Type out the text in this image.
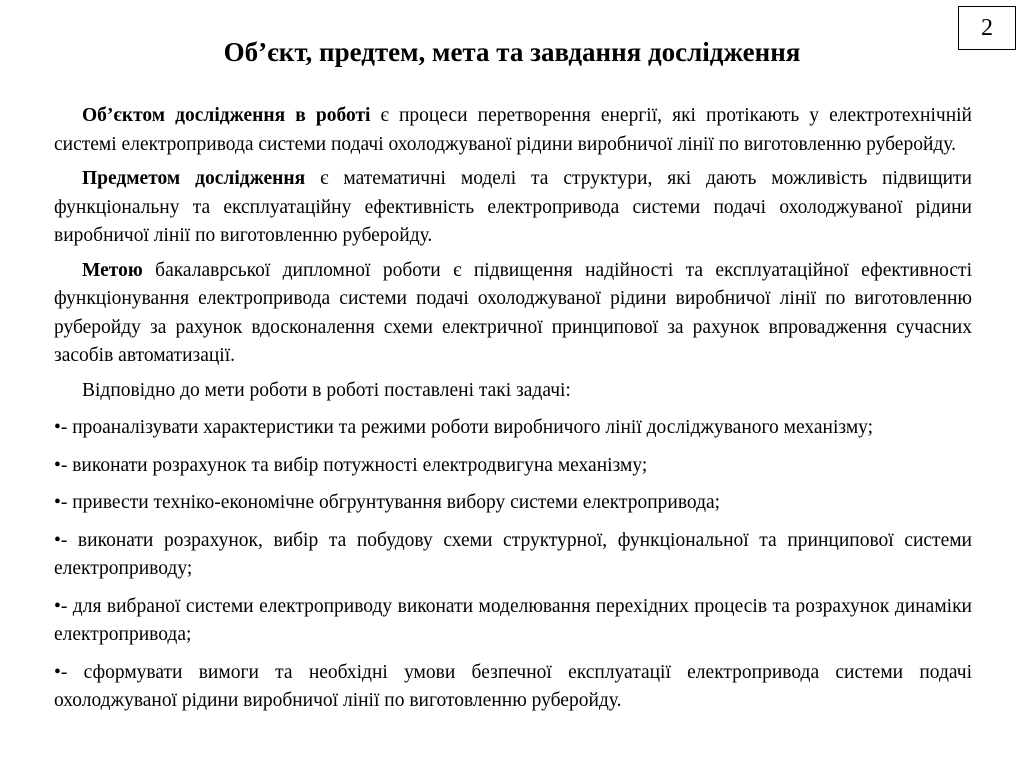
2
Об’єкт, предтем, мета та завдання дослідження

Об’єктом дослідження в роботі є процеси перетворення енергії, які протікають у електротехнічній системі електропривода системи подачі охолоджуваної рідини виробничої лінії по виготовленню руберойду.

Предметом дослідження є математичні моделі та структури, які дають можливість підвищити функціональну та експлуатаційну ефективність електропривода системи подачі охолоджуваної рідини виробничої лінії по виготовленню руберойду.

Метою бакалаврської дипломної роботи є підвищення надійності та експлуатаційної ефективності функціонування електропривода системи подачі охолоджуваної рідини виробничої лінії по виготовленню руберойду за рахунок вдосконалення схеми електричної принципової за рахунок впровадження сучасних засобів автоматизації.

Відповідно до мети роботи в роботі поставлені такі задачі:

•- проаналізувати характеристики та режими роботи виробничого лінії досліджуваного механізму;

•- виконати розрахунок та вибір потужності електродвигуна механізму;

•- привести техніко-економічне обгрунтування вибору системи електропривода;

•- виконати розрахунок, вибір та побудову схеми структурної, функціональної та принципової системи електроприводу;

•- для вибраної системи електроприводу виконати моделювання перехідних процесів та розрахунок динаміки електропривода;

•- сформувати вимоги та необхідні умови безпечної експлуатації електропривода системи подачі охолоджуваної рідини виробничої лінії по виготовленню руберойду.
